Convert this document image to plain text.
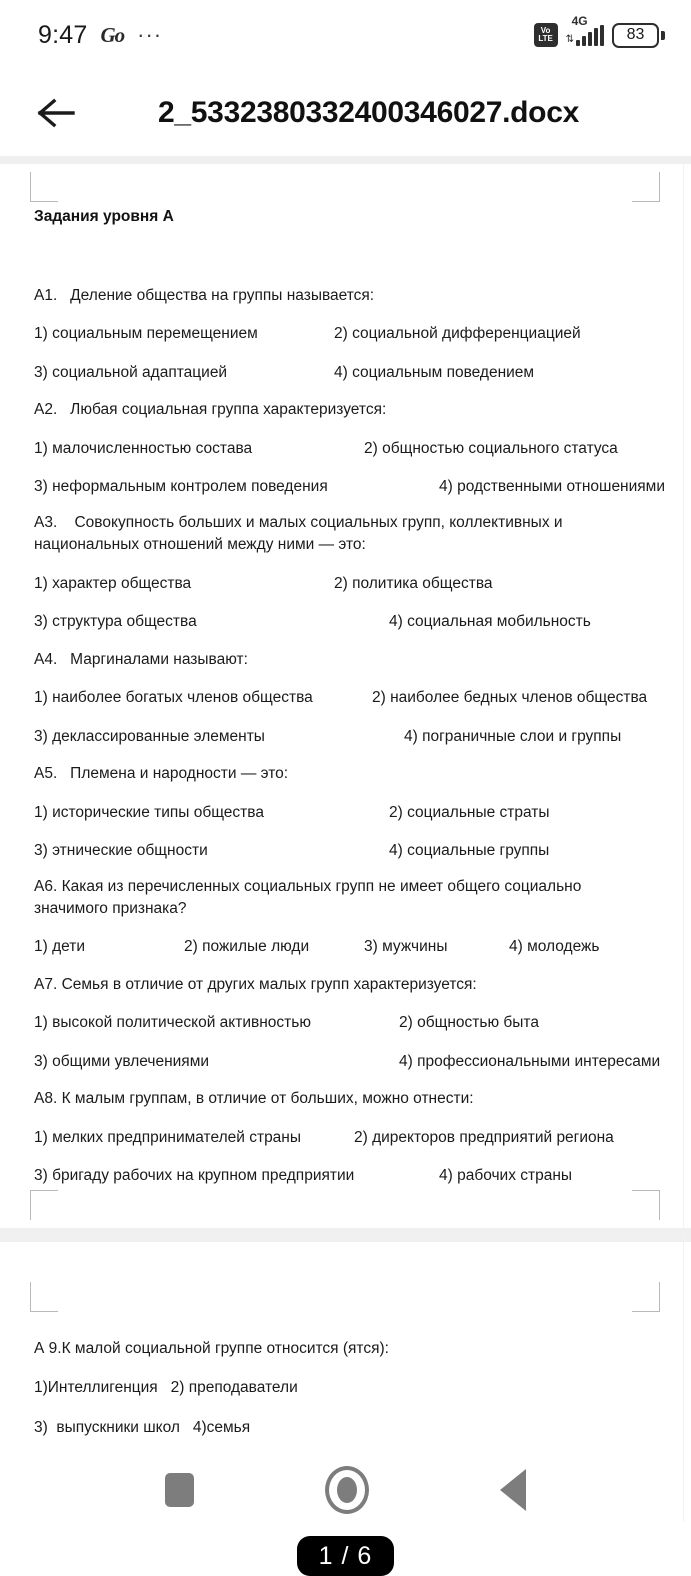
9:47 Go ···	Vo
LTE
4G
⇅	83
2_5332380332400346027.docx
Задания уровня А
A1.   Деление общества на группы называется:
1) социальным перемещением	2) социальной дифференциацией
3) социальной адаптацией	4) социальным поведением
A2.   Любая социальная группа характеризуется:
1) малочисленностью состава	2) общностью социального статуса
3) неформальным контролем поведения	4) родственными отношениями
A3.    Совокупность больших и малых социальных групп, коллективных и национальных отношений между ними — это:
1) характер общества	2) политика общества
3) структура общества	4) социальная мобильность
A4.   Маргиналами называют:
1) наиболее богатых членов общества	2) наиболее бедных членов общества
3) деклассированные элементы	4) пограничные слои и группы
A5.   Племена и народности — это:
1) исторические типы общества	2) социальные страты
3) этнические общности	4) социальные группы
A6. Какая из перечисленных социальных групп не имеет общего социально значимого признака?
1) дети	2) пожилые люди	3) мужчины	4) молодежь
A7. Семья в отличие от других малых групп характеризуется:
1) высокой политической активностью	2) общностью быта
3) общими увлечениями	4) профессиональными интересами
A8. К малым группам, в отличие от больших, можно отнести:
1) мелких предпринимателей страны	2) директоров предприятий региона
3) бригаду рабочих на крупном предприятии	4) рабочих страны
А 9.К малой социальной группе относится (ятся):
1)Интеллигенция   2) преподаватели
3)  выпускники школ   4)семья
1 / 6
